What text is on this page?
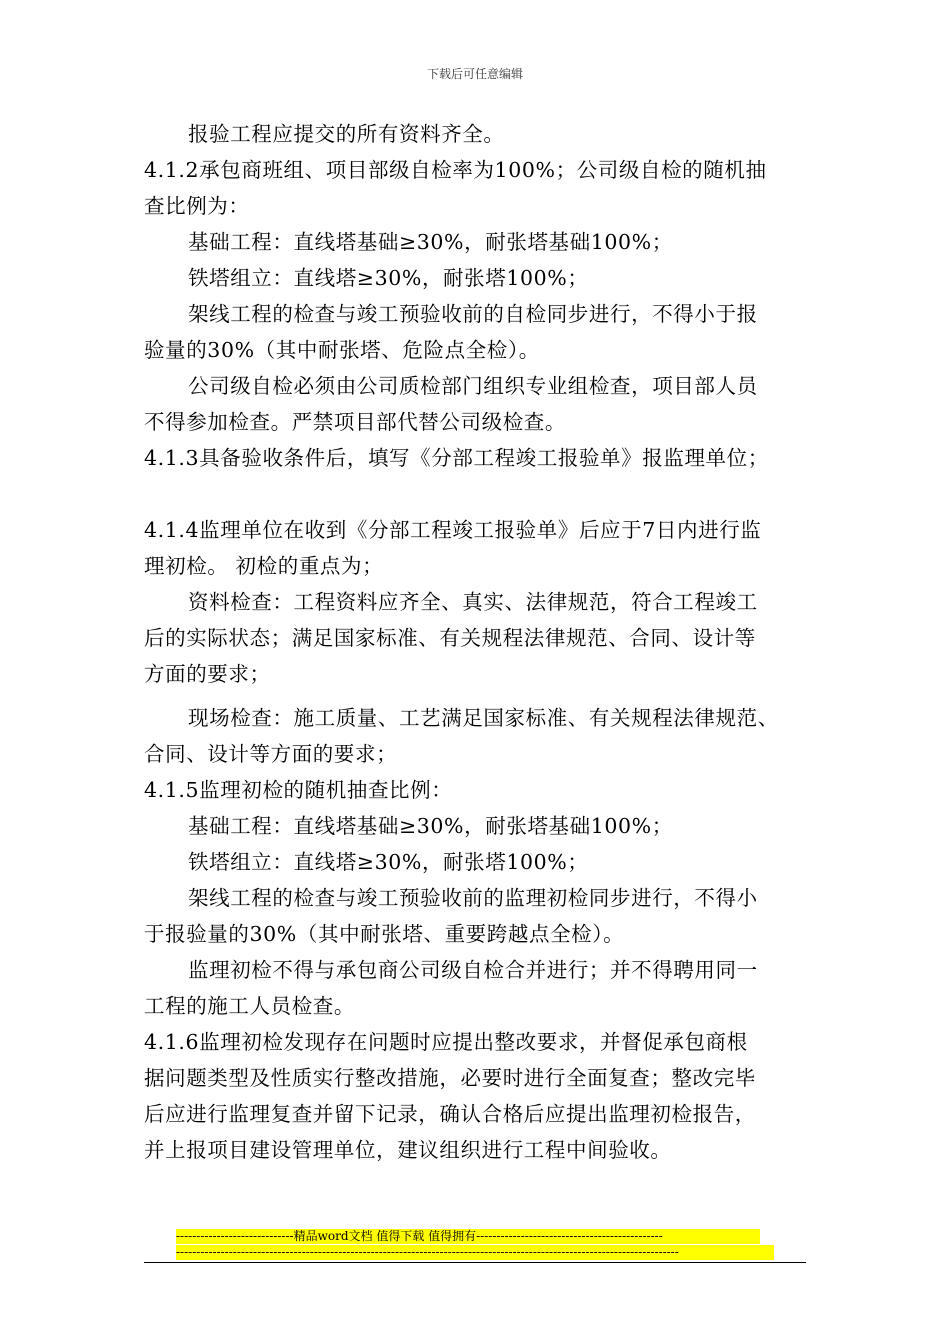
下载后可任意编辑
报验工程应提交的所有资料齐全。
4.1.2承包商班组、项目部级自检率为100%；公司级自检的随机抽
查比例为：
基础工程：直线塔基础≥30%，耐张塔基础100%；
铁塔组立：直线塔≥30%，耐张塔100%；
架线工程的检查与竣工预验收前的自检同步进行，不得小于报
验量的30%（其中耐张塔、危险点全检）。
公司级自检必须由公司质检部门组织专业组检查，项目部人员
不得参加检查。严禁项目部代替公司级检查。
4.1.3具备验收条件后，填写《分部工程竣工报验单》报监理单位；
4.1.4监理单位在收到《分部工程竣工报验单》后应于7日内进行监
理初检。 初检的重点为；
资料检查：工程资料应齐全、真实、法律规范，符合工程竣工
后的实际状态；满足国家标准、有关规程法律规范、合同、设计等
方面的要求；
现场检查：施工质量、工艺满足国家标准、有关规程法律规范、
合同、设计等方面的要求；
4.1.5监理初检的随机抽查比例：
基础工程：直线塔基础≥30%，耐张塔基础100%；
铁塔组立：直线塔≥30%，耐张塔100%；
架线工程的检查与竣工预验收前的监理初检同步进行，不得小
于报验量的30%（其中耐张塔、重要跨越点全检）。
监理初检不得与承包商公司级自检合并进行；并不得聘用同一
工程的施工人员检查。
4.1.6监理初检发现存在问题时应提出整改要求，并督促承包商根
据问题类型及性质实行整改措施，必要时进行全面复查；整改完毕
后应进行监理复查并留下记录，确认合格后应提出监理初检报告，
并上报项目建设管理单位，建议组织进行工程中间验收。
-----------------------------精品word文档 值得下载 值得拥有----------------------------------------------
----------------------------------------------------------------------------------------------------------------------------
